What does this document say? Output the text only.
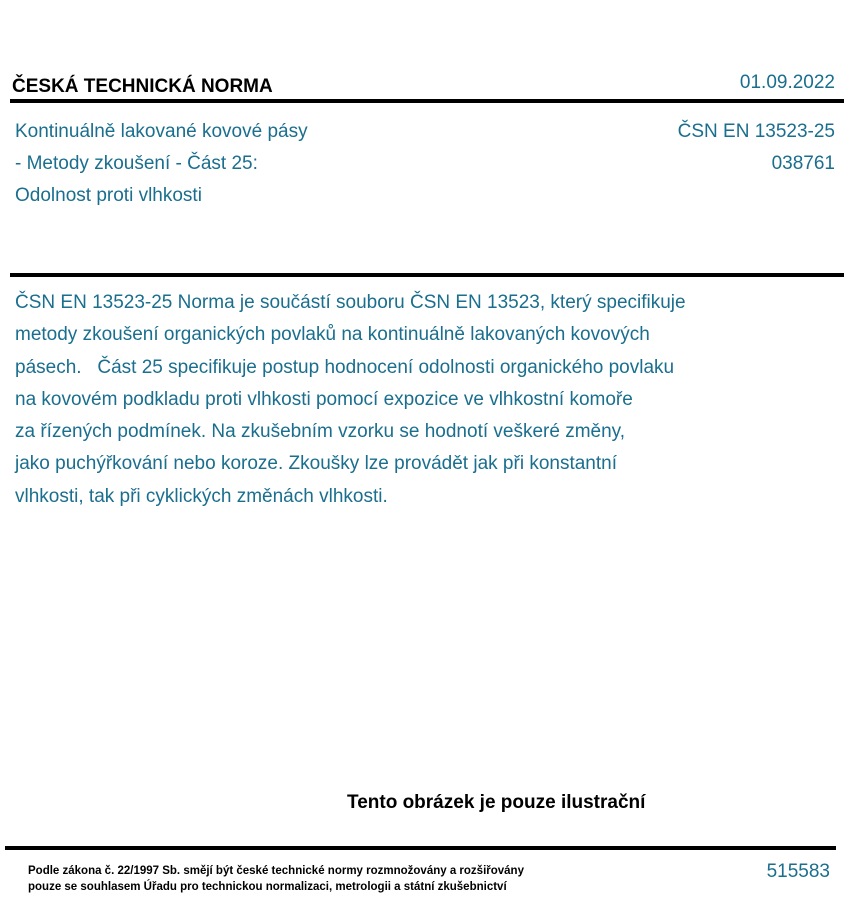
ČESKÁ TECHNICKÁ NORMA	01.09.2022
Kontinuálně lakované kovové pásy
- Metody zkoušení - Část 25:
Odolnost proti vlhkosti
ČSN EN 13523-25
038761
ČSN EN 13523-25 Norma je součástí souboru ČSN EN 13523, který specifikuje
metody zkoušení organických povlaků na kontinuálně lakovaných kovových
pásech.   Část 25 specifikuje postup hodnocení odolnosti organického povlaku
na kovovém podkladu proti vlhkosti pomocí expozice ve vlhkostní komoře
za řízených podmínek. Na zkušebním vzorku se hodnotí veškeré změny,
jako puchýřkování nebo koroze. Zkoušky lze provádět jak při konstantní
vlhkosti, tak při cyklických změnách vlhkosti.
Tento obrázek je pouze ilustrační
Podle zákona č. 22/1997 Sb. smějí být české technické normy rozmnožovány a rozšiřovány
pouze se souhlasem Úřadu pro technickou normalizaci, metrologii a státní zkušebnictví
515583
